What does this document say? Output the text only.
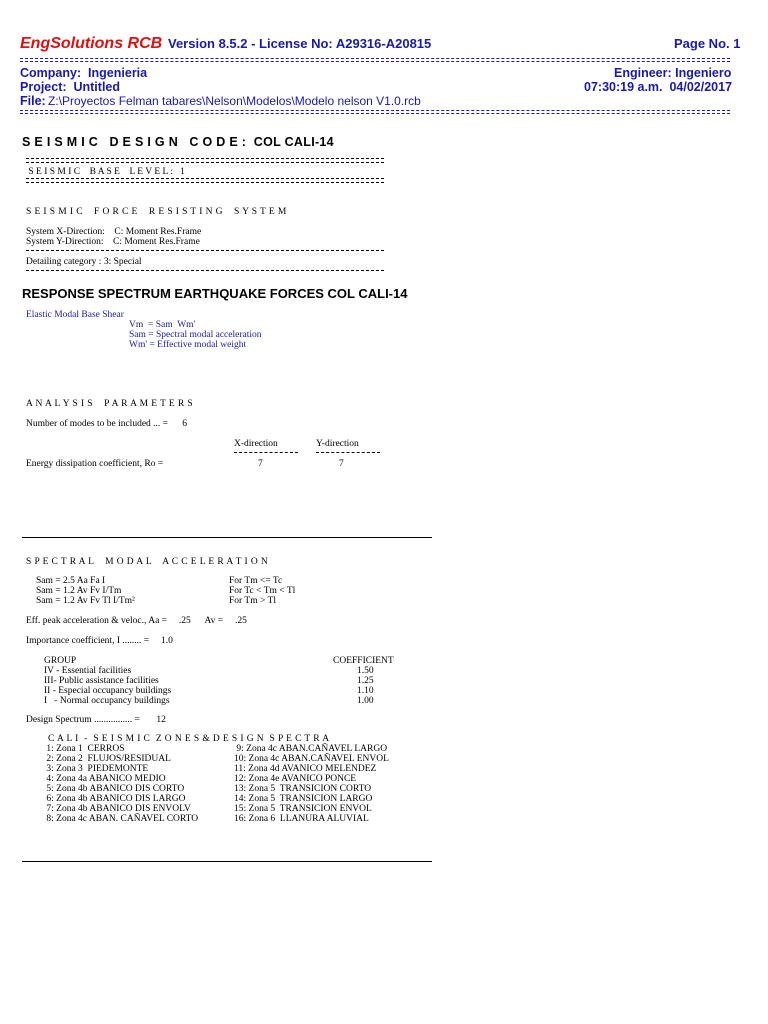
EngSolutions RCB Version 8.5.2 - License No: A29316-A20815	Page No. 1
Company:  Ingenieria	Engineer: Ingeniero
Project:  Untitled	07:30:19 a.m.  04/02/2017
File: Z:\Proyectos Felman tabares\Nelson\Modelos\Modelo nelson V1.0.rcb
S E I S M I C   D E S I G N   C O D E :  COL CALI-14
S E I S M I C    B A S E    L E V E L :   1
S E I S M I C    F O R C E    R E S I S T I N G    S Y S T E M
System X-Direction:    C: Moment Res.Frame
System Y-Direction:    C: Moment Res.Frame
Detailing category : 3: Special
RESPONSE SPECTRUM EARTHQUAKE FORCES COL CALI-14
Elastic Modal Base Shear
Vm  = Sam  Wm'
Sam = Spectral modal acceleration
Wm' = Effective modal weight
A N A L Y S I S    P A R A M E T E R S
Number of modes to be included ... =      6
X-direction	Y-direction
Energy dissipation coefficient, Ro =	7	7
S P E C T R A L    M O D A L    A C C E L E R A T I O N
Sam = 2.5 Aa Fa I	For Tm <= Tc
Sam = 1.2 Av Fv I/Tm	For Tc < Tm < Tl
Sam = 1.2 Av Fv Tl I/Tm²	For Tm > Tl
Eff. peak acceleration & veloc., Aa =     .25      Av =     .25
Importance coefficient, I ........ =     1.0
GROUP	COEFFICIENT
IV - Essential facilities	1.50
III- Public assistance facilities	1.25
II - Especial occupancy buildings	1.10
I   - Normal occupancy buildings	1.00
Design Spectrum ................ =       12
C A L I  -  S E I S M I C  Z O N E S & D E S I G N  S P E C T R A
1: Zona 1  CERROS
2: Zona 2  FLUJOS/RESIDUAL
3: Zona 3  PIEDEMONTE
4: Zona 4a ABANICO MEDIO
5: Zona 4b ABANICO DIS CORTO
6: Zona 4b ABANICO DIS LARGO
7: Zona 4b ABANICO DIS ENVOLV
8: Zona 4c ABAN. CAÑAVEL CORTO
9: Zona 4c ABAN.CAÑAVEL LARGO
10: Zona 4c ABAN.CAÑAVEL ENVOL
11: Zona 4d AVANICO MELENDEZ
12: Zona 4e AVANICO PONCE
13: Zona 5  TRANSICION CORTO
14: Zona 5  TRANSICION LARGO
15: Zona 5  TRANSICION ENVOL
16: Zona 6  LLANURA ALUVIAL
